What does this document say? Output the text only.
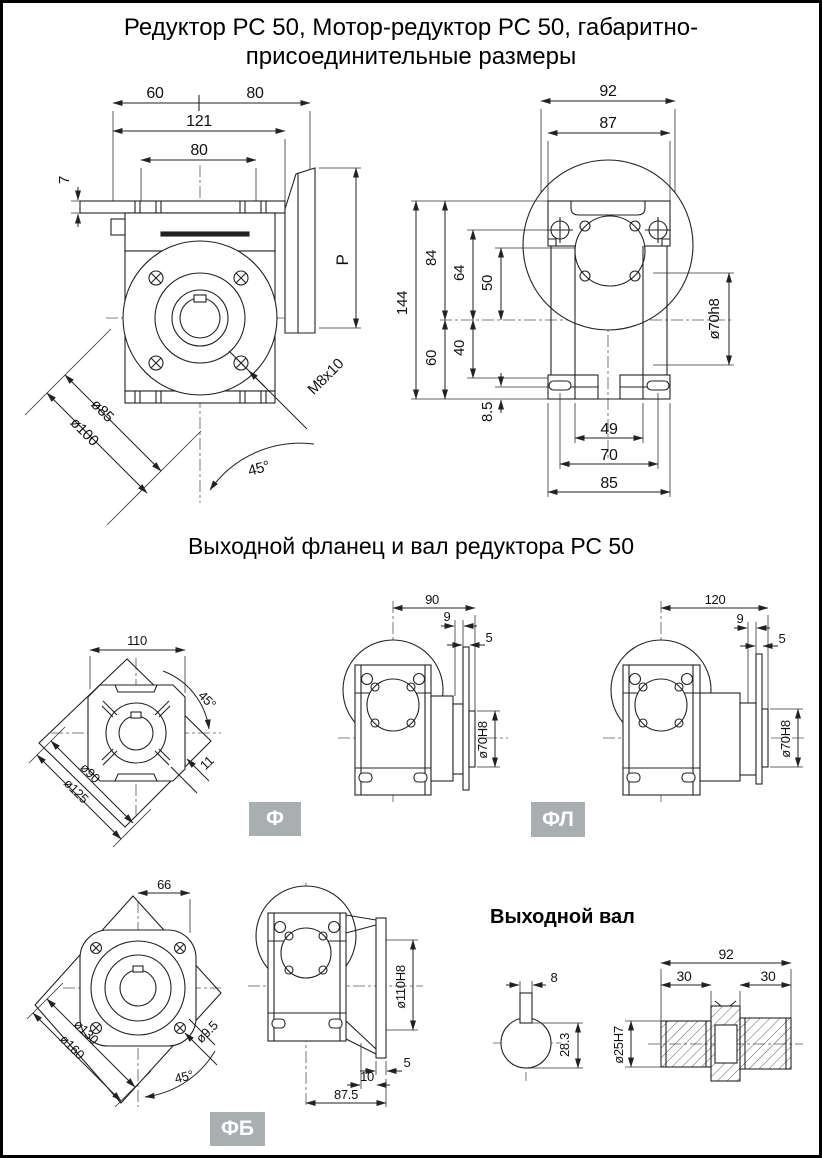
60	80
121
80
7
P
ø85
ø100
M8x10
45°
92
87
144
84
60
64
40
50
8.5
ø70h8
49
70
85
110
45°
ø90
ø125
11
90
9
5
ø70H8
120
9
5
ø70H8
66
ø130
ø160	ø9.5
45°
ø110H8
5
10
87.5
8
28.3
92
30	30
ø25H7
Редуктор РС 50, Мотор-редуктор РС 50, габаритно-
присоединительные размеры
Выходной фланец и вал редуктора РС 50
Выходной вал
Ф	ФЛ
ФБ
